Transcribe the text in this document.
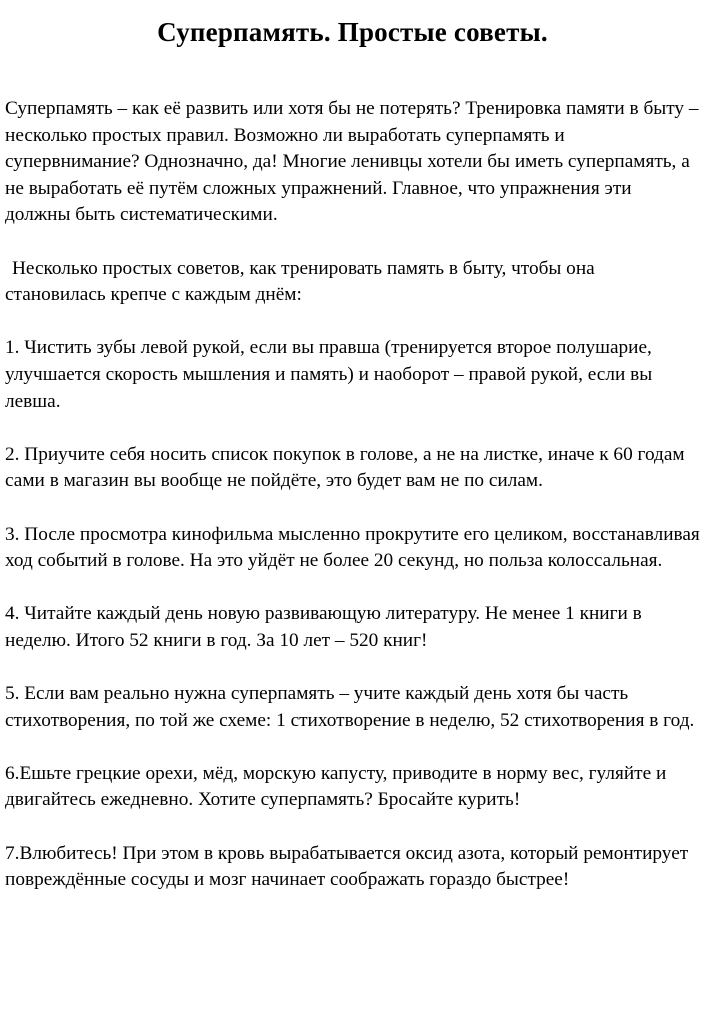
Суперпамять. Простые советы.

Суперпамять – как её развить или хотя бы не потерять? Тренировка памяти в быту – несколько простых правил. Возможно ли выработать суперпамять и супервнимание? Однозначно, да! Многие ленивцы хотели бы иметь суперпамять, а не выработать её путём сложных упражнений. Главное, что упражнения эти должны быть систематическими.

Несколько простых советов, как тренировать память в быту, чтобы она становилась крепче с каждым днём:

1. Чистить зубы левой рукой, если вы правша (тренируется второе полушарие, улучшается скорость мышления и память) и наоборот – правой рукой, если вы левша.

2. Приучите себя носить список покупок в голове, а не на листке, иначе к 60 годам сами в магазин вы вообще не пойдёте, это будет вам не по силам.

3. После просмотра кинофильма мысленно прокрутите его целиком, восстанавливая ход событий в голове. На это уйдёт не более 20 секунд, но польза колоссальная.

4. Читайте каждый день новую развивающую литературу. Не менее 1 книги в неделю. Итого 52 книги в год. За 10 лет – 520 книг!

5. Если вам реально нужна суперпамять – учите каждый день хотя бы часть стихотворения, по той же схеме: 1 стихотворение в неделю, 52 стихотворения в год.

6.Ешьте грецкие орехи, мёд, морскую капусту, приводите в норму вес, гуляйте и двигайтесь ежедневно. Хотите суперпамять? Бросайте курить!

7.Влюбитесь! При этом в кровь вырабатывается оксид азота, который ремонтирует повреждённые сосуды и мозг начинает соображать гораздо быстрее!
